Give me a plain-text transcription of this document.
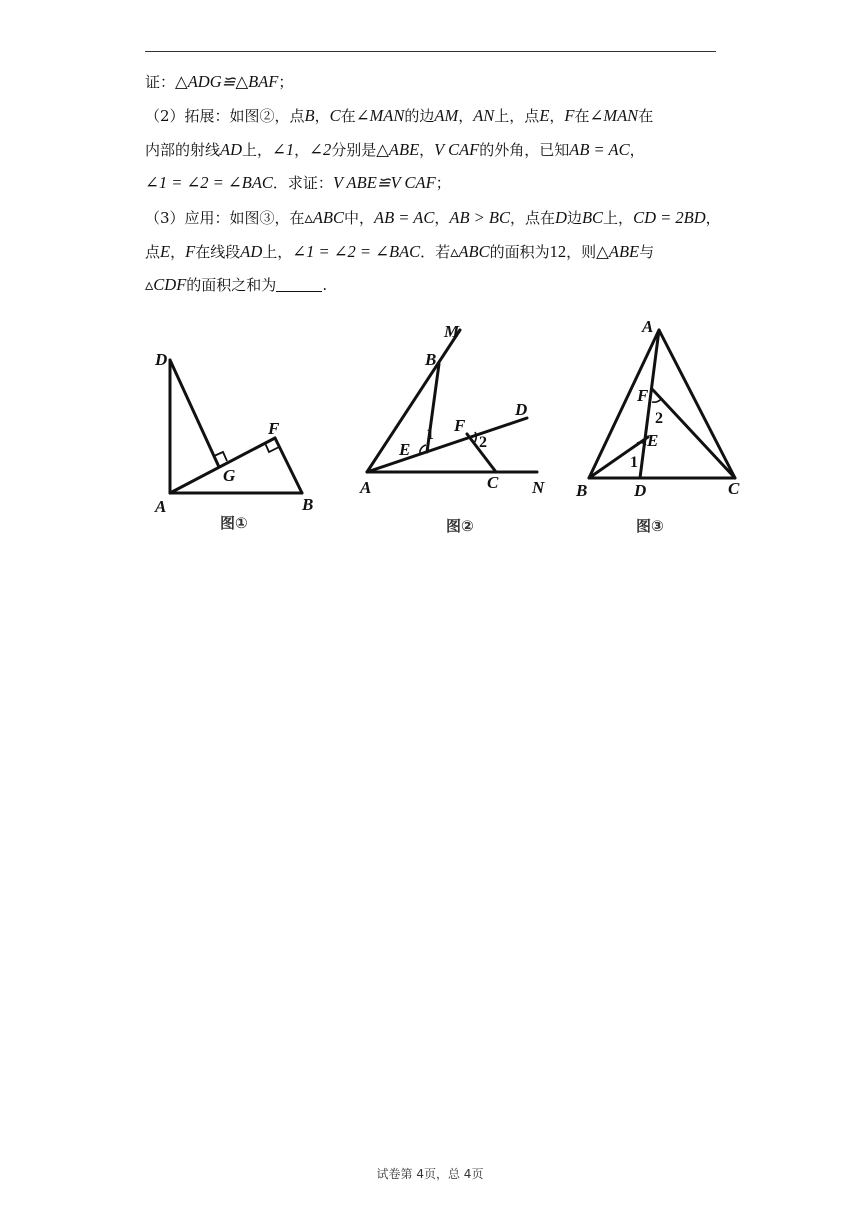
证：△ADG≌△BAF；
（2）拓展：如图②，点B，C在∠MAN的边AM，AN上，点E，F在∠MAN在
内部的射线AD上，∠1，∠2分别是△ABE，V CAF的外角，已知AB = AC，
∠1 = ∠2 = ∠BAC．求证：V ABE≌V CAF；
（3）应用：如图③，在▵ABC中，AB = AC，AB > BC，点在D边BC上，CD = 2BD，
点E，F在线段AD上，∠1 = ∠2 = ∠BAC．若▵ABC的面积为12，则△ABE与
▵CDF的面积之和为	.
D
A	B
F
G
图①
M
B
D
F
E
A	C N
1	2
图②
A
F
E
B	D	C
1
2
图③
试卷第 4页，总 4页
